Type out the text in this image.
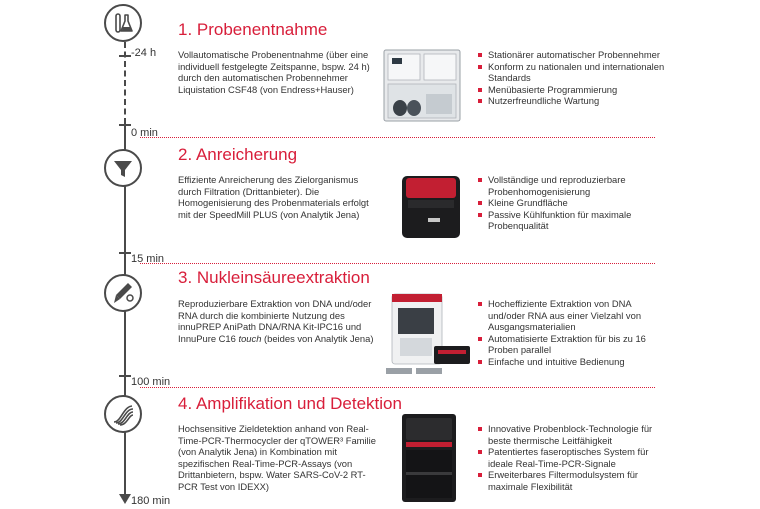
-24 h
0 min
15 min
100 min
180 min
1. Probenentnahme
Vollautomatische Probenentnahme (über eine individuell festgelegte Zeitspanne, bspw. 24 h) durch den automatischen Probennehmer Liquistation CSF48 (von Endress+Hauser)
Stationärer automatischer Probennehmer
Konform zu nationalen und internationalen Standards
Menübasierte Programmierung
Nutzerfreundliche Wartung
2. Anreicherung
Effiziente Anreicherung des Zielorganismus durch Filtration (Drittanbieter). Die Homogenisierung des Probenmaterials erfolgt mit der SpeedMill PLUS (von Analytik Jena)
Vollständige und reproduzierbare Probenhomogenisierung
Kleine Grundfläche
Passive Kühlfunktion für maximale Probenqualität
3. Nukleinsäureextraktion
Reproduzierbare Extraktion von DNA und/oder RNA durch die kombinierte Nutzung des innuPREP AniPath DNA/RNA Kit-IPC16 und InnuPure C16 touch (beides von Analytik Jena)
Hocheffiziente Extraktion von DNA und/oder RNA aus einer Vielzahl von Ausgangsmaterialien
Automatisierte Extraktion für bis zu 16 Proben parallel
Einfache und intuitive Bedienung
4. Amplifikation und Detektion
Hochsensitive Zieldetektion anhand von Real-Time-PCR-Thermocycler der qTOWER³ Familie (von Analytik Jena) in Kombination mit spezifischen Real-Time-PCR-Assays (von Drittanbietern, bspw. Water SARS-CoV-2 RT-PCR Test von IDEXX)
Innovative Probenblock-Technologie für beste thermische Leitfähigkeit
Patentiertes faseroptisches System für ideale Real-Time-PCR-Signale
Erweiterbares Filtermodulsystem für maximale Flexibilität
